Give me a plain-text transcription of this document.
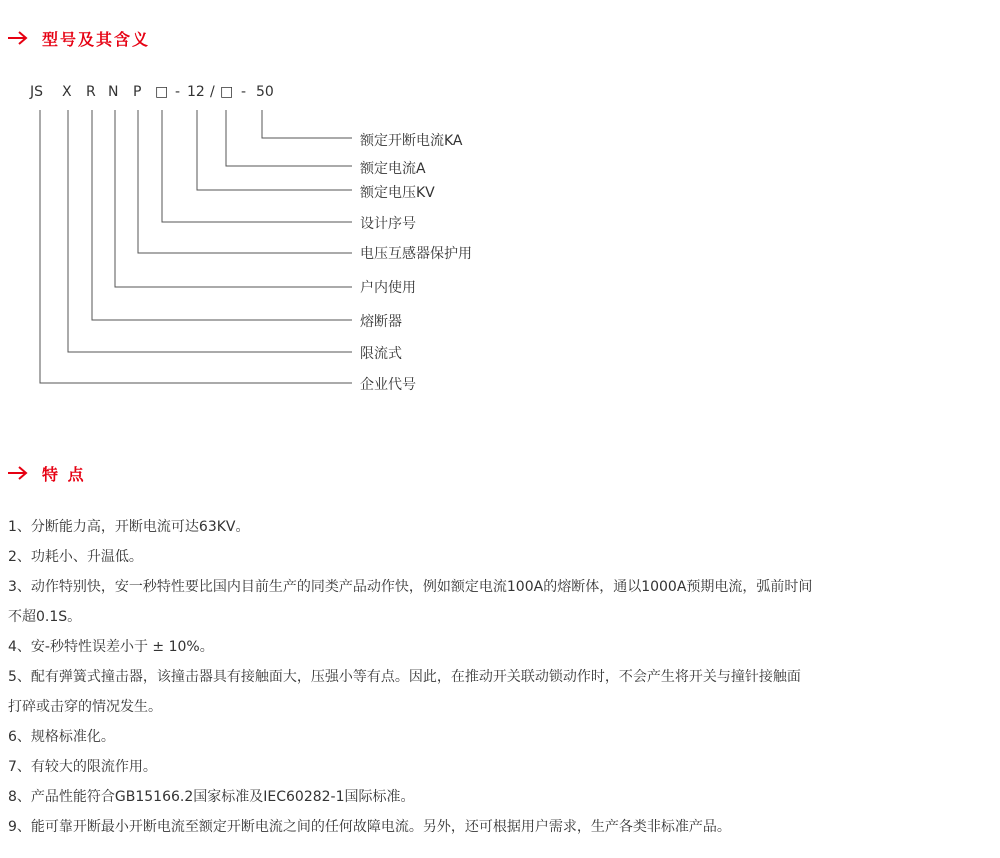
型号及其含义
JS X R N P □ - 12 / □ - 50
额定开断电流KA
额定电流A
额定电压KV
设计序号
电压互感器保护用
户内使用
熔断器
限流式
企业代号
特 点
1、分断能力高，开断电流可达63KV。
2、功耗小、升温低。
3、动作特别快，安一秒特性要比国内目前生产的同类产品动作快，例如额定电流100A的熔断体，通以1000A预期电流，弧前时间
不超0.1S。
4、安-秒特性误差小于 ± 10%。
5、配有弹簧式撞击器，该撞击器具有接触面大，压强小等有点。因此，在推动开关联动锁动作时，不会产生将开关与撞针接触面
打碎或击穿的情况发生。
6、规格标准化。
7、有较大的限流作用。
8、产品性能符合GB15166.2国家标准及IEC60282-1国际标准。
9、能可靠开断最小开断电流至额定开断电流之间的任何故障电流。另外，还可根据用户需求，生产各类非标准产品。
